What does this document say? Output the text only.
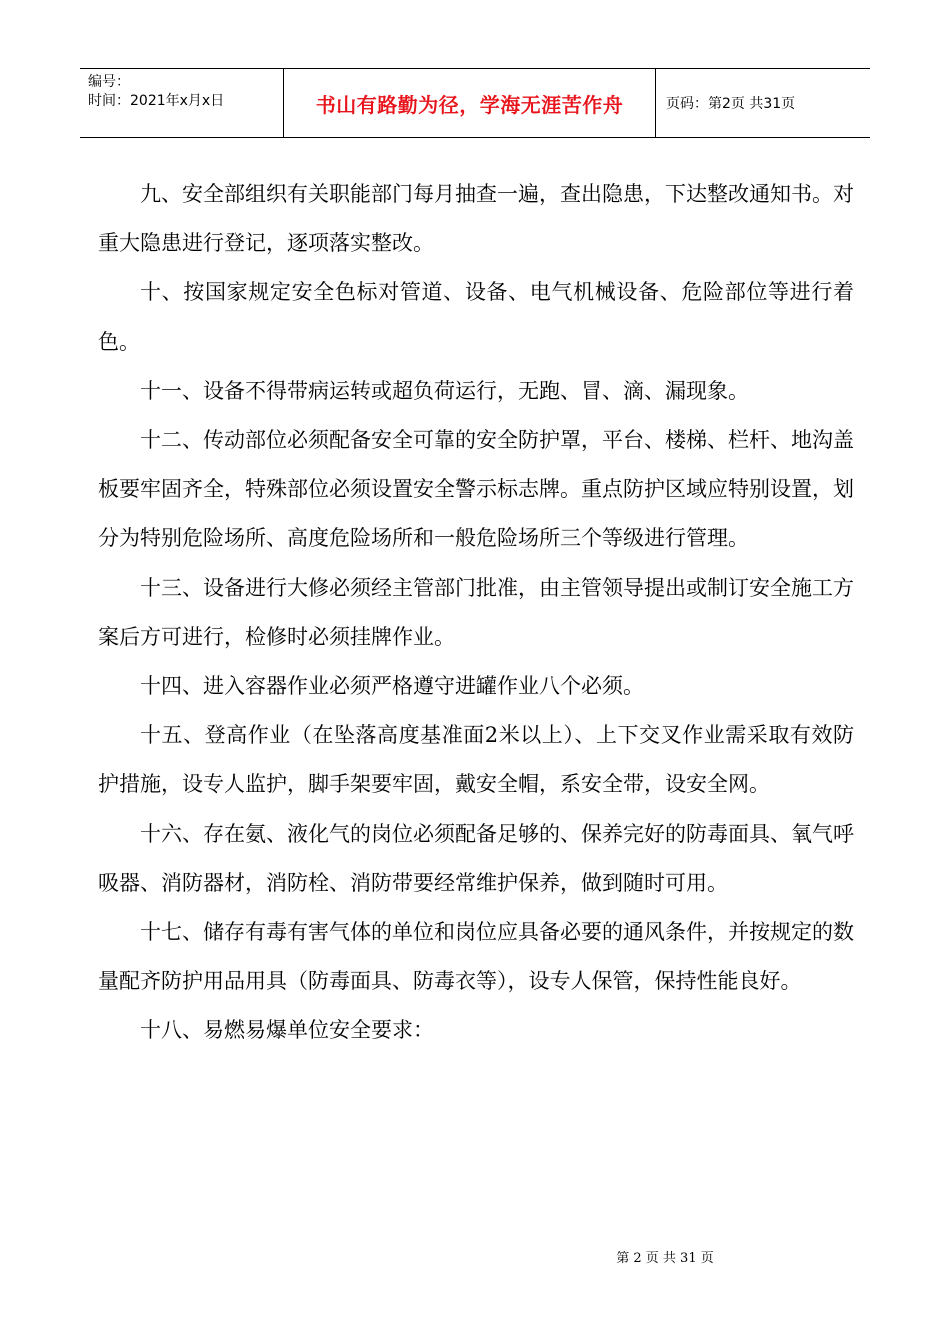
编号：
时间：2021年x月x日	书山有路勤为径，学海无涯苦作舟	页码：第2页 共31页

九、安全部组织有关职能部门每月抽查一遍，查出隐患，下达整改通知书。对重大隐患进行登记，逐项落实整改。

十、按国家规定安全色标对管道、设备、电气机械设备、危险部位等进行着色。

十一、设备不得带病运转或超负荷运行，无跑、冒、滴、漏现象。

十二、传动部位必须配备安全可靠的安全防护罩，平台、楼梯、栏杆、地沟盖板要牢固齐全，特殊部位必须设置安全警示标志牌。重点防护区域应特别设置，划分为特别危险场所、高度危险场所和一般危险场所三个等级进行管理。

十三、设备进行大修必须经主管部门批准，由主管领导提出或制订安全施工方案后方可进行，检修时必须挂牌作业。

十四、进入容器作业必须严格遵守进罐作业八个必须。

十五、登高作业（在坠落高度基准面2米以上）、上下交叉作业需采取有效防护措施，设专人监护，脚手架要牢固，戴安全帽，系安全带，设安全网。

十六、存在氨、液化气的岗位必须配备足够的、保养完好的防毒面具、氧气呼吸器、消防器材，消防栓、消防带要经常维护保养，做到随时可用。

十七、储存有毒有害气体的单位和岗位应具备必要的通风条件，并按规定的数量配齐防护用品用具（防毒面具、防毒衣等），设专人保管，保持性能良好。

十八、易燃易爆单位安全要求：

第 2 页 共 31 页
